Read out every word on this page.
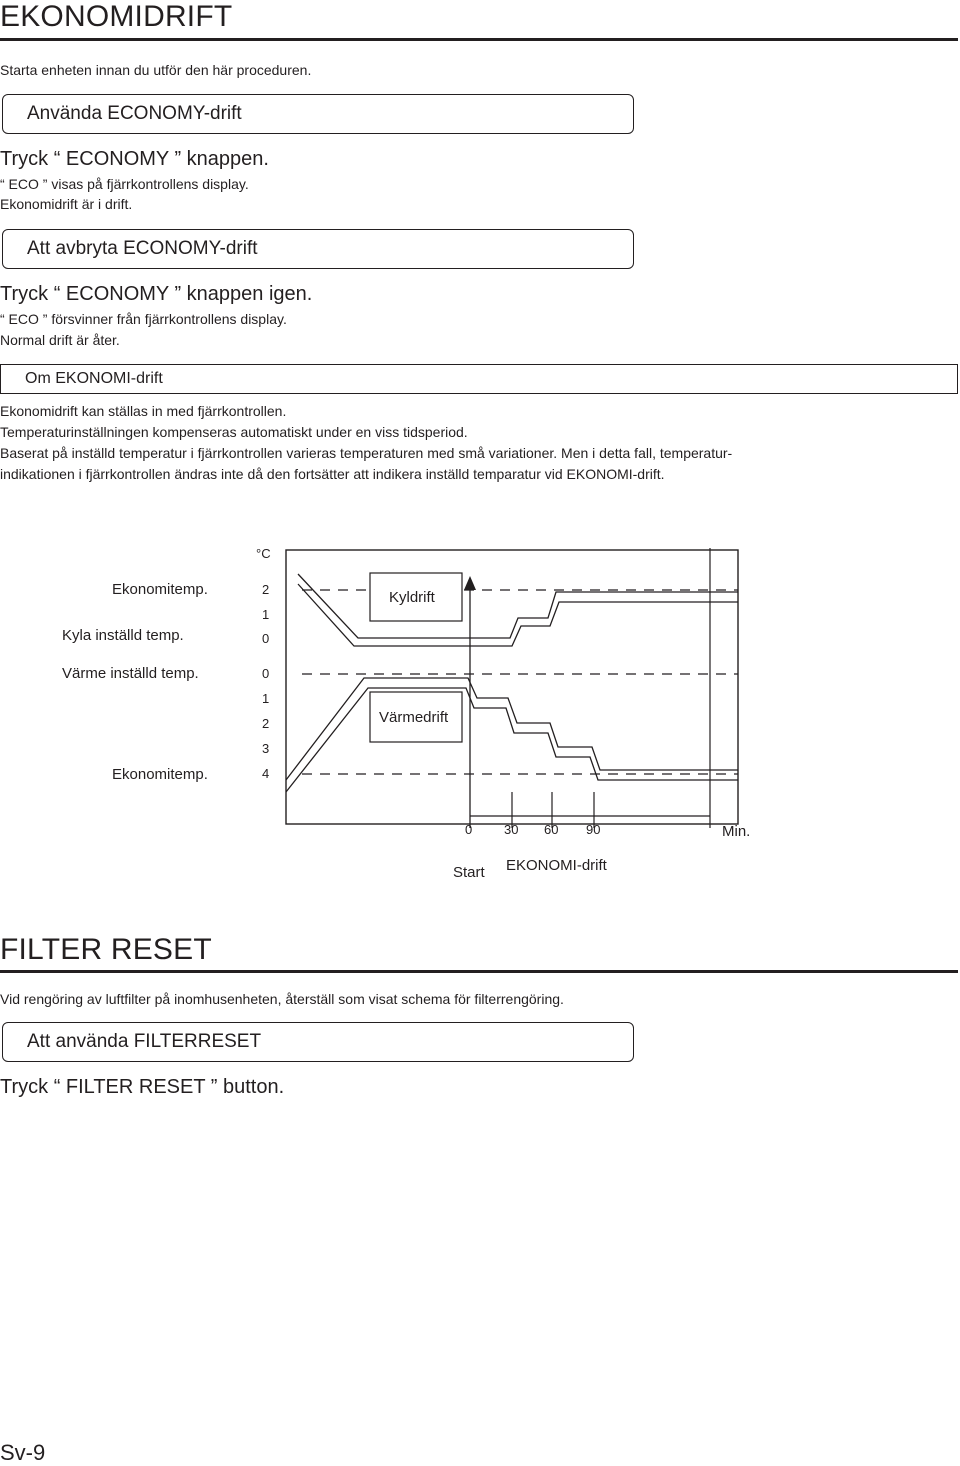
EKONOMIDRIFT
Starta enheten innan du utför den här proceduren.
Använda ECONOMY-drift
Tryck “ ECONOMY ” knappen.
“ ECO ” visas på fjärrkontrollens display.
Ekonomidrift är i drift.
Att avbryta ECONOMY-drift
Tryck “ ECONOMY ” knappen igen.
“ ECO ” försvinner från fjärrkontrollens display.
Normal drift är åter.
Om EKONOMI-drift
Ekonomidrift kan ställas in med fjärrkontrollen.
Temperaturinställningen kompenseras automatiskt under en viss tidsperiod.
Baserat på inställd temperatur i fjärrkontrollen varieras temperaturen med små variationer. Men i detta fall, temperatur-
indikationen i fjärrkontrollen ändras inte då den fortsätter att indikera inställd temparatur vid EKONOMI-drift.
°C
Ekonomitemp.
Kyla inställd temp.
2
1
0
Värme inställd temp.
Ekonomitemp.
0
1
2
3
4
Kyldrift
Värmedrift
0 30 60 90	Min.
Start EKONOMI-drift
FILTER RESET
Vid rengöring av luftfilter på inomhusenheten, återställ som visat schema för filterrengöring.
Att använda FILTERRESET
Tryck “ FILTER RESET ” button.
Sv-9
